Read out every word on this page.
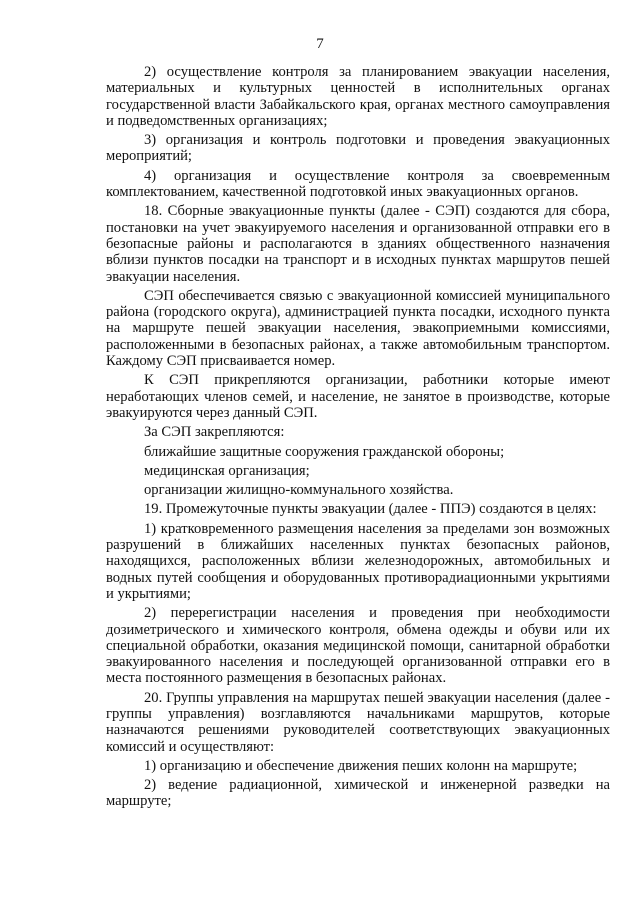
7

2) осуществление контроля за планированием эвакуации населения, материальных и культурных ценностей в исполнительных органах государственной власти Забайкальского края, органах местного самоуправления и подведомственных организациях;

3) организация и контроль подготовки и проведения эвакуационных мероприятий;

4) организация и осуществление контроля за своевременным комплектованием, качественной подготовкой иных эвакуационных органов.

18. Сборные эвакуационные пункты (далее - СЭП) создаются для сбора, постановки на учет эвакуируемого населения и организованной отправки его в безопасные районы и располагаются в зданиях общественного назначения вблизи пунктов посадки на транспорт и в исходных пунктах маршрутов пешей эвакуации населения.

СЭП обеспечивается связью с эвакуационной комиссией муниципального района (городского округа), администрацией пункта посадки, исходного пункта на маршруте пешей эвакуации населения, эвакоприемными комиссиями, расположенными в безопасных районах, а также автомобильным транспортом. Каждому СЭП присваивается номер.

К СЭП прикрепляются организации, работники которые имеют неработающих членов семей, и население, не занятое в производстве, которые эвакуируются через данный СЭП.

За СЭП закрепляются:

ближайшие защитные сооружения гражданской обороны;

медицинская организация;

организации жилищно-коммунального хозяйства.

19. Промежуточные пункты эвакуации (далее - ППЭ) создаются в целях:

1) кратковременного размещения населения за пределами зон возможных разрушений в ближайших населенных пунктах безопасных районов, находящихся, расположенных вблизи железнодорожных, автомобильных и водных путей сообщения и оборудованных противорадиационными укрытиями и укрытиями;

2) перерегистрации населения и проведения при необходимости дозиметрического и химического контроля, обмена одежды и обуви или их специальной обработки, оказания медицинской помощи, санитарной обработки эвакуированного населения и последующей организованной отправки его в места постоянного размещения в безопасных районах.

20. Группы управления на маршрутах пешей эвакуации населения (далее - группы управления) возглавляются начальниками маршрутов, которые назначаются решениями руководителей соответствующих эвакуационных комиссий и осуществляют:

1) организацию и обеспечение движения пеших колонн на маршруте;

2) ведение радиационной, химической и инженерной разведки на маршруте;
